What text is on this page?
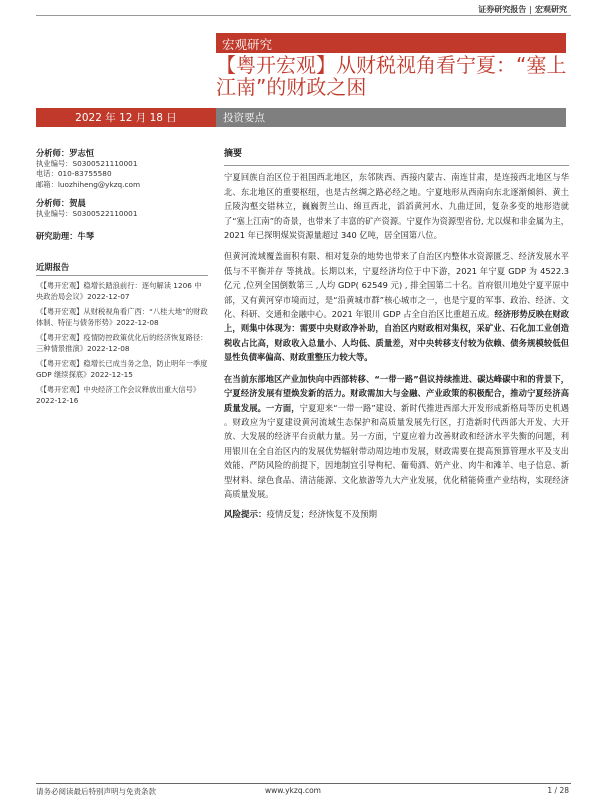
证券研究报告 | 宏观研究
宏观研究
【粤开宏观】从财税视角看宁夏：“塞上江南”的财政之困
2022 年 12 月 18 日	投资要点
分析师：罗志恒
执业编号：S0300521110001
电话：010-83755580
邮箱：luozhiheng@ykzq.com
分析师：贺晨
执业编号：S0300522110001
研究助理：牛琴
近期报告
《【粤开宏观】稳增长踏浪前行：逐句解读 1206 中央政治局会议》2022-12-07
《【粤开宏观】从财税视角看广西：“八桂大地”的财政体制、特征与债务形势》2022-12-08
《【粤开宏观】疫情防控政策优化后的经济恢复路径：三种情景推演》2022-12-08
《【粤开宏观】稳增长已成当务之急，防止明年一季度 GDP 继续探底》2022-12-15
《【粤开宏观】中央经济工作会议释放出重大信号》2022-12-16
摘要

宁夏回族自治区位于祖国西北地区，东邻陕西、西接内蒙古、南连甘肃，是连接西北地区与华北、东北地区的重要枢纽，也是古丝绸之路必经之地。宁夏地形从西南向东北逐渐倾斜、黄土丘陵沟壑交错林立，巍巍贺兰山、绵亘西北，滔滔黄河水、九曲迂回，复杂多变的地形造就了“塞上江南”的奇景，也带来了丰富的矿产资源。宁夏作为资源型省份, 尤以煤和非金属为主，2021 年已探明煤炭资源量超过 340 亿吨，居全国第八位。

但黄河流域覆盖面积有限、相对复杂的地势也带来了自治区内整体水资源匮乏、经济发展水平低与不平衡并存 等挑战。长期以来，宁夏经济均位于中下游，2021 年宁夏 GDP 为 4522.3 亿元 ,位列全国倒数第三 ,人均 GDP( 62549 元) , 排全国第二十名。首府银川地处宁夏平原中部，又有黄河穿市境而过，是“沿黄城市群”核心城市之一，也是宁夏的军事、政治、经济、文化、科研、交通和金融中心。2021 年银川 GDP 占全自治区比重超五成。经济形势反映在财政上，则集中体现为：需要中央财政净补助，自治区内财政相对集权，采矿业、石化加工业创造税收占比高，财政收入总量小、人均低、质量差，对中央转移支付较为依赖、债务规模较低但显性负债率偏高、财政重整压力较大等。

在当前东部地区产业加快向中西部转移、“一带一路”倡议持续推进、碳达峰碳中和的背景下，宁夏经济发展有望焕发新的活力。财政需加大与金融、产业政策的积极配合，推动宁夏经济高质量发展。一方面，宁夏迎来“一带一路”建设、新时代推进西部大开发形成新格局等历史机遇 。财政应为宁夏建设黄河流域生态保护和高质量发展先行区，打造新时代西部大开发、大开放、大发展的经济平台贡献力量。另一方面，宁夏应着力改善财政和经济水平失衡的问题，利用银川在全自治区内的发展优势辐射带动周边地市发展，财政需要在提高预算管理水平及支出效能、严防风险的前提下，因地制宜引导枸杞、葡萄酒、奶产业、肉牛和滩羊、电子信息、新型材料、绿色食品、清洁能源、文化旅游等九大产业发展，优化稍能倚重产业结构，实现经济高质量发展。

风险提示：疫情反复；经济恢复不及预期
请务必阅读最后特别声明与免责条款	www.ykzq.com	1 / 28
